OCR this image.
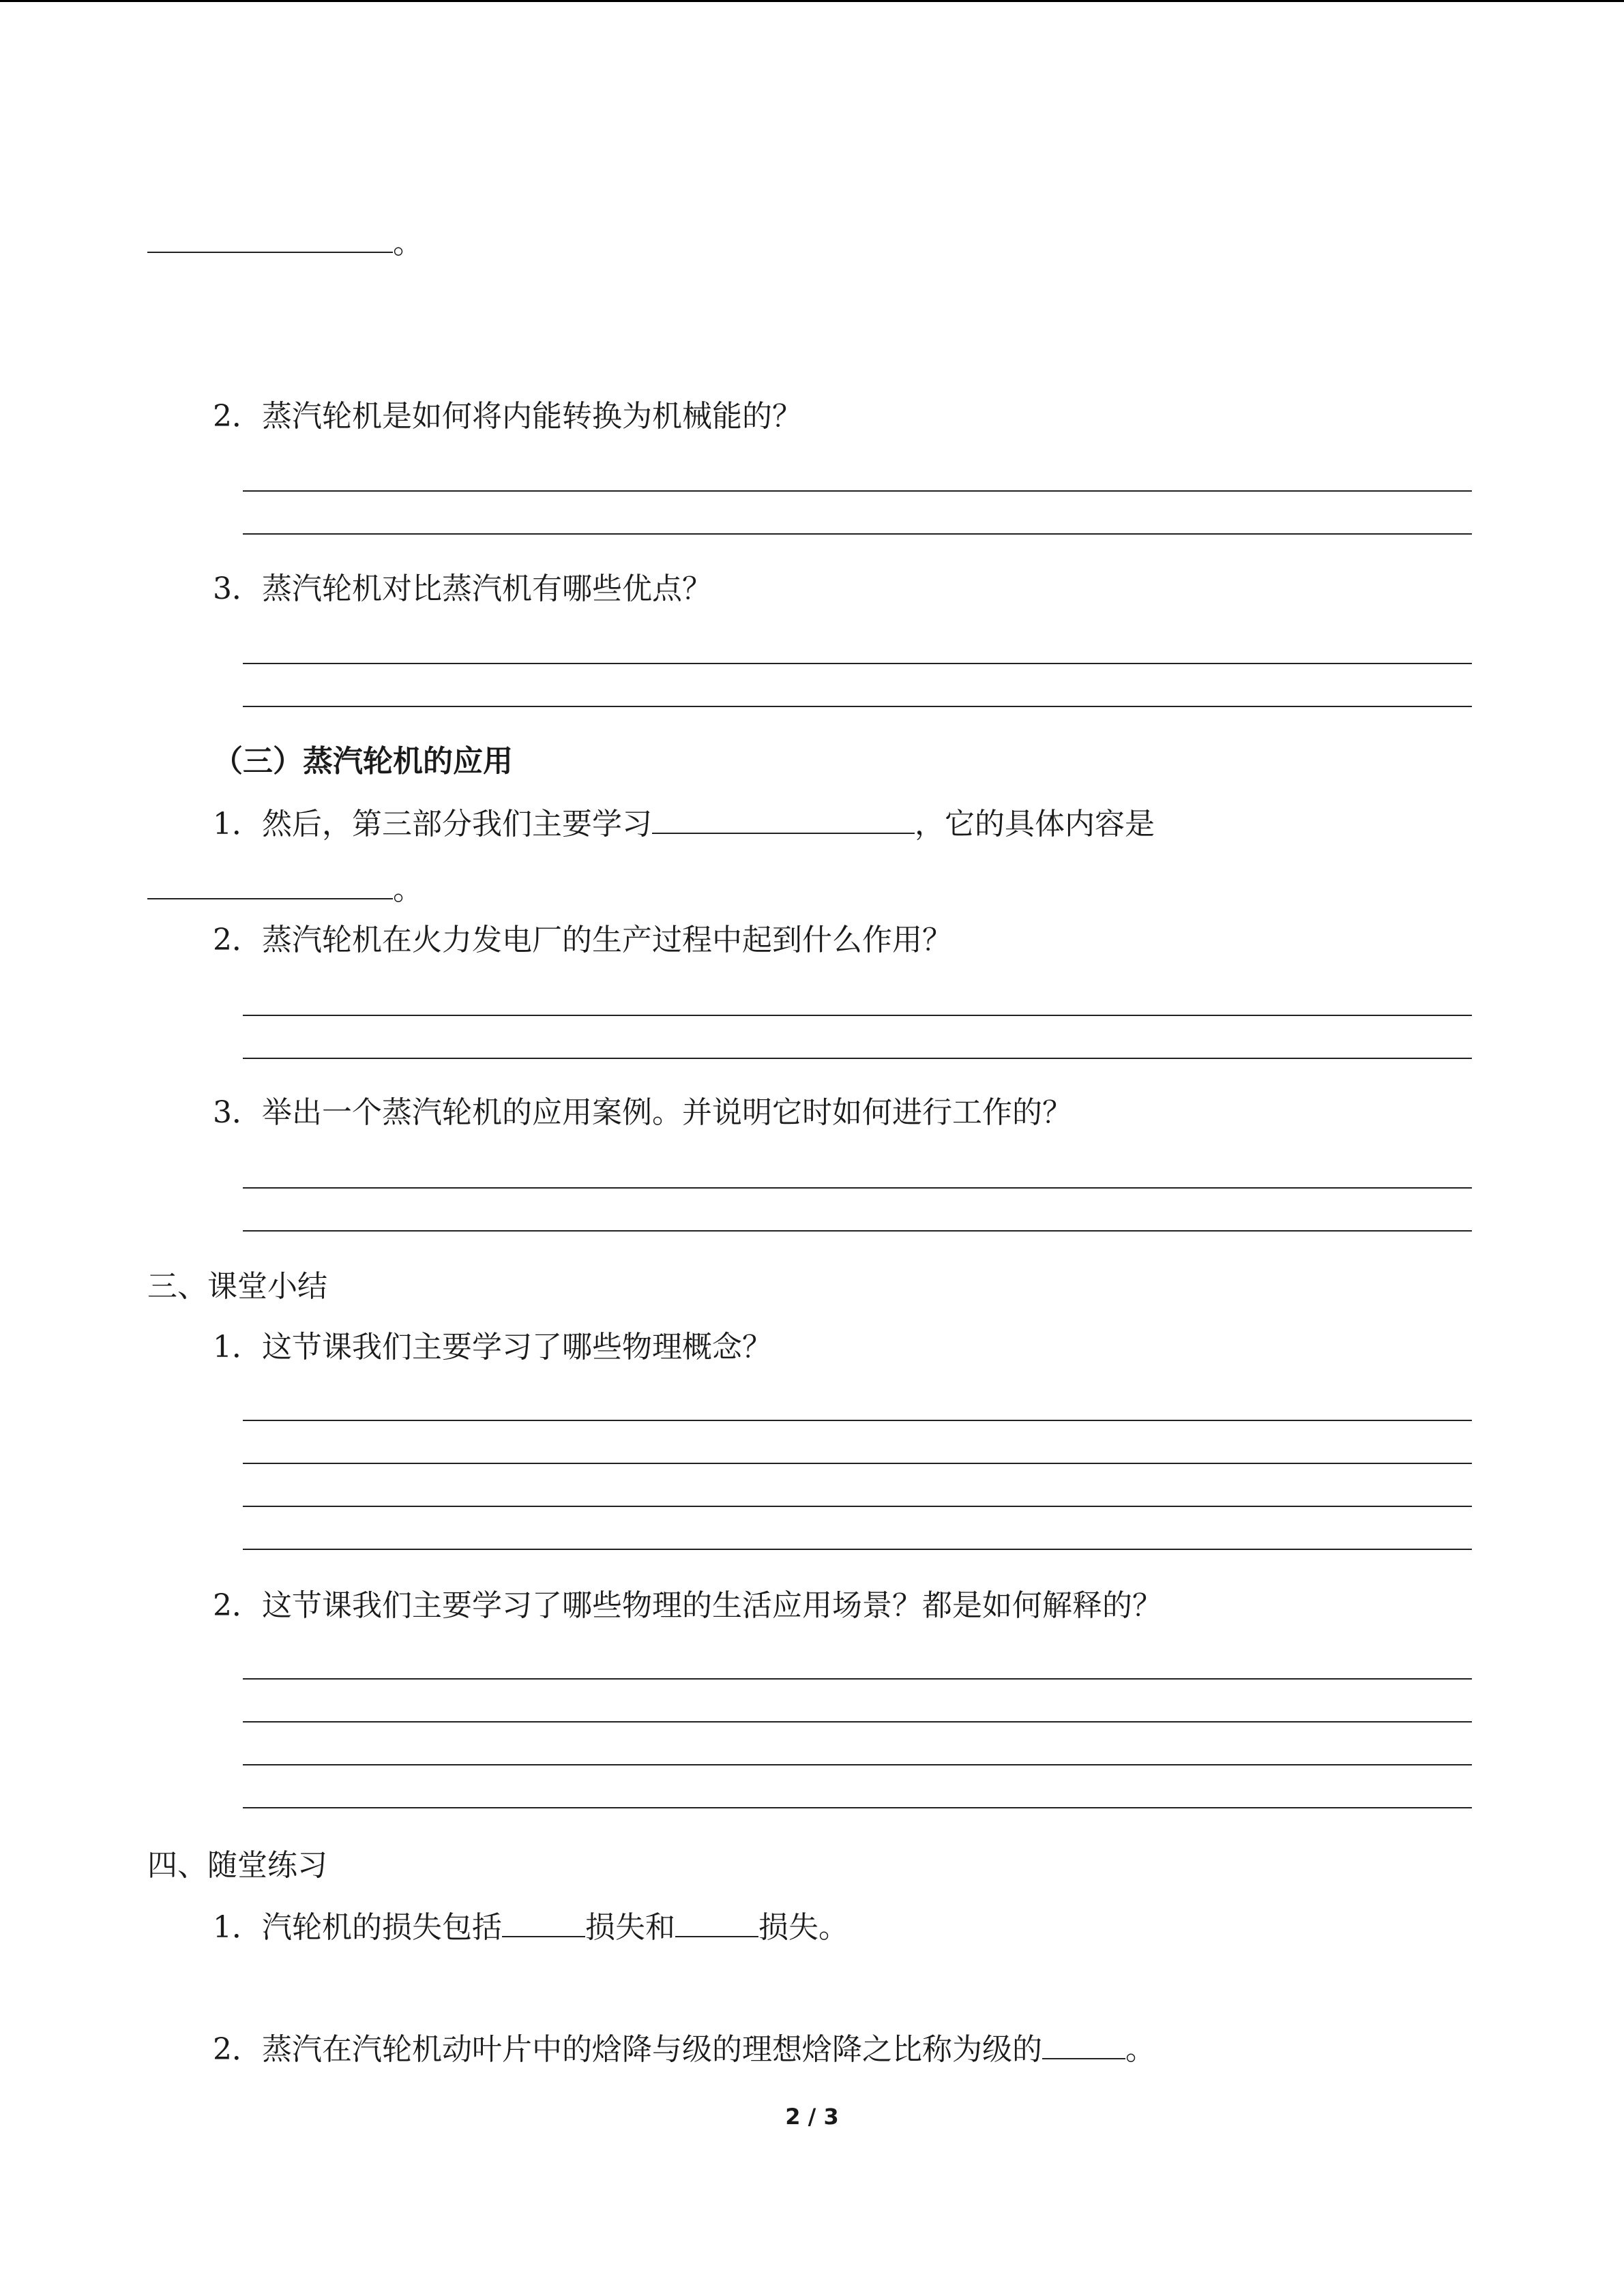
。
2．蒸汽轮机是如何将内能转换为机械能的？
3．蒸汽轮机对比蒸汽机有哪些优点？
（三）蒸汽轮机的应用
1．然后，第三部分我们主要学习	，它的具体内容是
。
2．蒸汽轮机在火力发电厂的生产过程中起到什么作用？
3．举出一个蒸汽轮机的应用案例。并说明它时如何进行工作的？
三、课堂小结
1．这节课我们主要学习了哪些物理概念？
2．这节课我们主要学习了哪些物理的生活应用场景？都是如何解释的？
四、随堂练习
1．汽轮机的损失包括	损失和	损失。
2．蒸汽在汽轮机动叶片中的焓降与级的理想焓降之比称为级的	。
2 / 3
